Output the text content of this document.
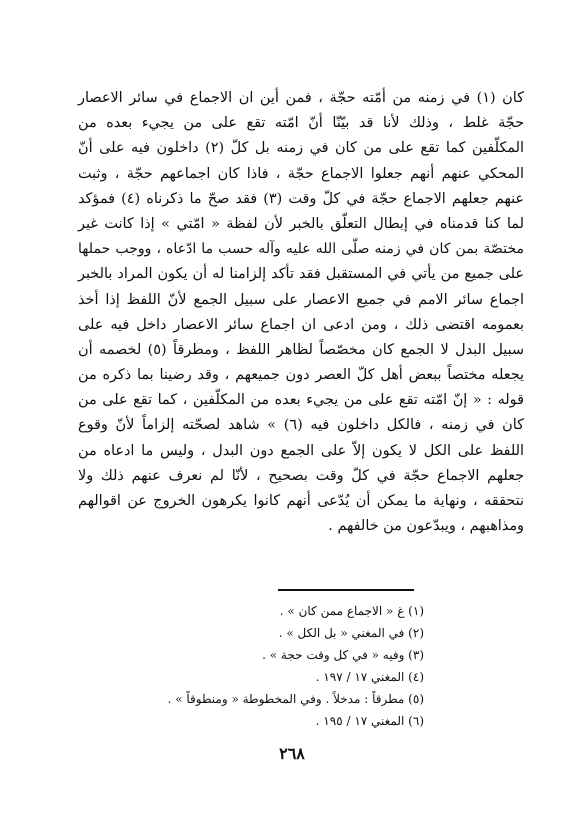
كان (١) في زمنه من أمّته حجّة ، فمن أين ان الاجماع في سائر الاعصار
حجّة غلط ، وذلك لأنا قد بيّنّا أنّ امّته تقع على من يجيء بعده من
المكلّفين كما تقع على من كان في زمنه بل كلّ (٢) داخلون فيه على أنّ
المحكي عنهم أنهم جعلوا الاجماع حجّة ، فاذا كان اجماعهم حجّة ، وثبت
عنهم جعلهم الاجماع حجّة في كلّ وقت (٣) فقد صحّ ما ذكرناه (٤) فمؤكد
لما كنا قدمناه في إبطال التعلّق بالخبر لأن لفظة « امّتي » إذا كانت غير
مختصّة بمن كان في زمنه صلّى الله عليه وآله حسب ما ادّعاه ، ووجب حملها
على جميع من يأتي في المستقبل فقد تأكد إلزامنا له أن يكون المراد بالخبر
اجماع سائر الامم في جميع الاعصار على سبيل الجمع لأنّ اللفظ إذا أخذ
بعمومه اقتضى ذلك ، ومن ادعى ان اجماع سائر الاعصار داخل فيه على
سبيل البدل لا الجمع كان مخصّصاً لظاهر اللفظ ، ومطرقاً (٥) لخصمه أن
يجعله مختصاً ببعض أهل كلّ العصر دون جميعهم ، وقد رضينا بما ذكره من
قوله : « إنّ امّته تقع على من يجيء بعده من المكلّفين ، كما تقع على من
كان في زمنه ، فالكل داخلون فيه (٦) » شاهد لصحّته إلزاماً لأنّ وقوع
اللفظ على الكل لا يكون إلاّ على الجمع دون البدل ، وليس ما ادعاه من
جعلهم الاجماع حجّة في كلّ وقت بصحيح ، لأنّا لم نعرف عنهم ذلك ولا
نتحققه ، ونهاية ما يمكن أن يُدّعى أنهم كانوا يكرهون الخروج عن اقوالهم
ومذاهبهم ، ويبدّعون من خالفهم .
(١) غ « الاجماع ممن كان » .
(٢) في المغني « بل الكل » .
(٣) وفيه « في كل وقت حجة » .
(٤) المغني ١٧ / ١٩٧ .
(٥) مطرقاً : مدخلاً . وفي المخطوطة « ومنطوقاً » .
(٦) المغني ١٧ / ١٩٥ .
٢٦٨
